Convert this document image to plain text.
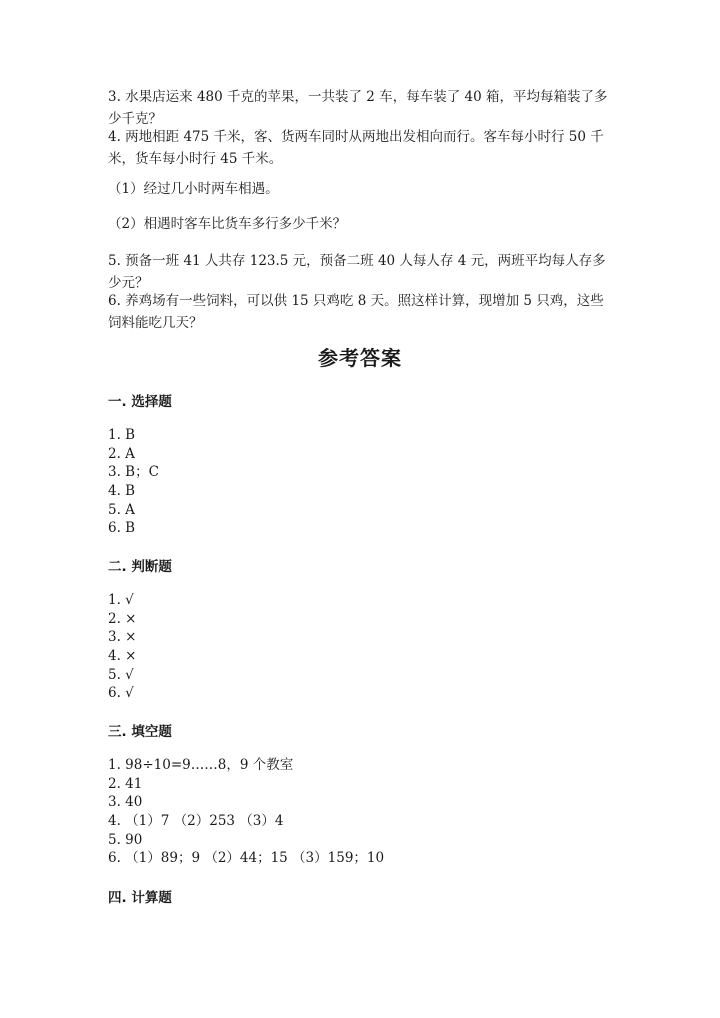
3. 水果店运来 480 千克的苹果，一共装了 2 车，每车装了 40 箱，平均每箱装了多少千克？

4. 两地相距 475 千米，客、货两车同时从两地出发相向而行。客车每小时行 50 千米，货车每小时行 45 千米。

（1）经过几小时两车相遇。

（2）相遇时客车比货车多行多少千米？

5. 预备一班 41 人共存 123.5 元，预备二班 40 人每人存 4 元，两班平均每人存多少元？

6. 养鸡场有一些饲料，可以供 15 只鸡吃 8 天。照这样计算，现增加 5 只鸡，这些饲料能吃几天？

参考答案
一. 选择题
1. B
2. A
3. B；C
4. B
5. A
6. B
二. 判断题
1. √
2. ×
3. ×
4. ×
5. √
6. √
三. 填空题
1. 98÷10=9……8，9 个教室
2. 41
3. 40
4. （1）7 （2）253 （3）4
5. 90
6. （1）89；9 （2）44；15 （3）159；10
四. 计算题
